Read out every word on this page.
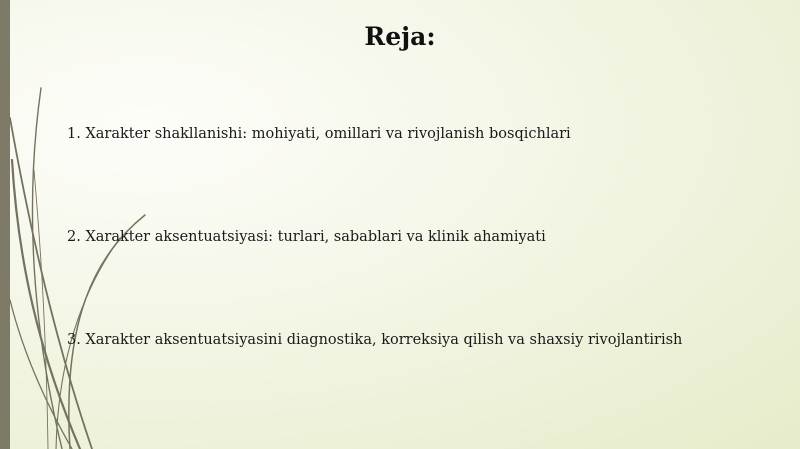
Reja:

1. Xarakter shakllanishi: mohiyati, omillari va rivojlanish bosqichlari

2. Xarakter aksentuatsiyasi: turlari, sabablari va klinik ahamiyati

3. Xarakter aksentuatsiyasini diagnostika, korreksiya qilish va shaxsiy rivojlantirish
